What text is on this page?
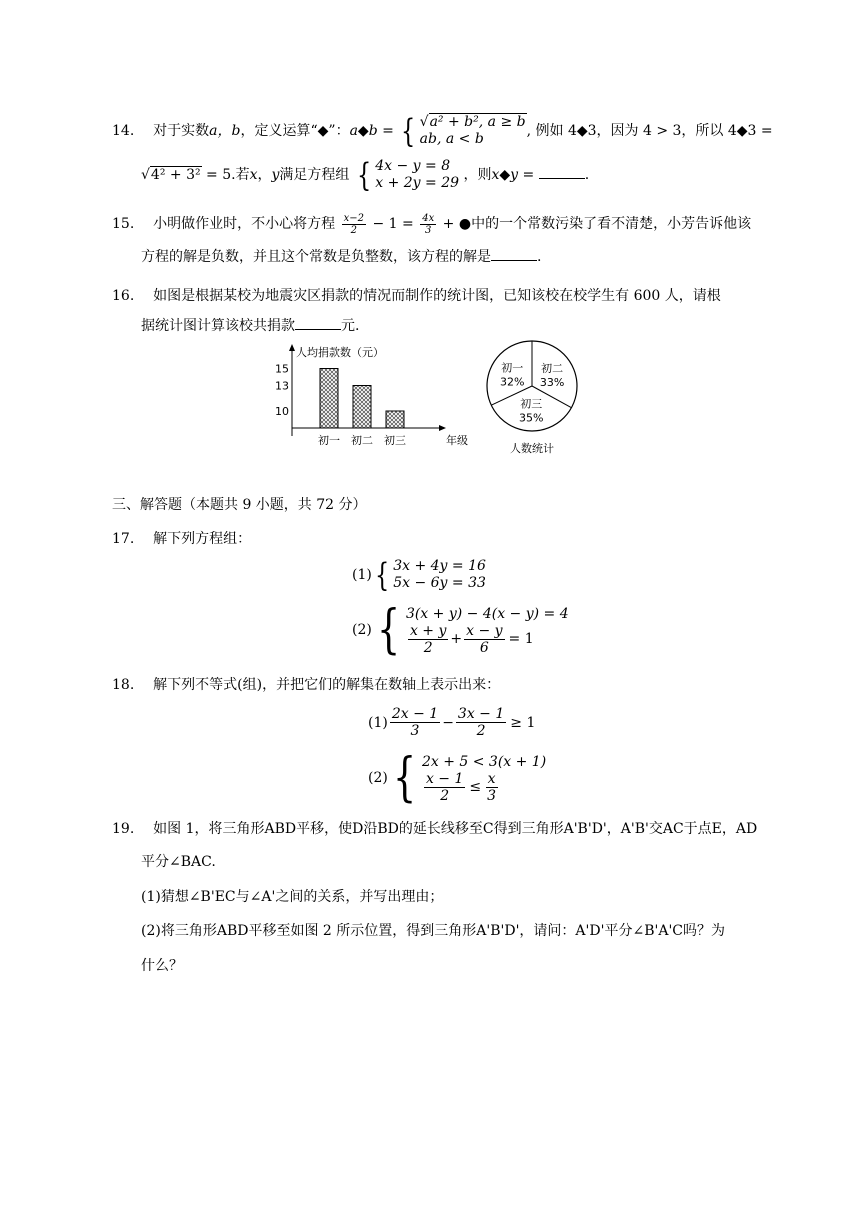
14. 对于实数a，b，定义运算“◆”：a◆b = { √a² + b², a ≥ b
ab, a < b	, 例如 4◆3，因为 4 > 3，所以 4◆3 =
√4² + 3² = 5.若x，y满足方程组 { 4x − y = 8
x + 2y = 29 ，则x◆y =	.
15. 小明做作业时，不小心将方程 $\frac{x-2}{2} - 1 = \frac{4x}{3}$ + ●中的一个常数污染了看不清楚，小芳告诉他该
方程的解是负数，并且这个常数是负整数，该方程的解是	.
16. 如图是根据某校为地震灾区捐款的情况而制作的统计图，已知该校在校学生有 600 人，请根
据统计图计算该校共捐款	元.
人均捐款数（元）
年级
15
13
10
初一 初二 初三
初一
32%
初二
33%
初三
35%
人数统计
三、解答题（本题共 9 小题，共 72 分）
17. 解下列方程组：
(1) { 3x + 4y = 16
5x − 6y = 33
(2) { 3(x + y) − 4(x − y) = 4
$\frac{x + y}{2} + \frac{x - y}{6} = 1$
18. 解下列不等式(组)，并把它们的解集在数轴上表示出来：
$(1) \frac{2x - 1}{3} - \frac{3x - 1}{2} \ge 1$
(2) { 2x + 5 < 3(x + 1)
$\frac{x - 1}{2} \le \frac{x}{3}$
19. 如图 1，将三角形ABD平移，使D沿BD的延长线移至C得到三角形A'B'D'，A'B'交AC于点E，AD
平分∠BAC.
(1)猜想∠B'EC与∠A'之间的关系，并写出理由；
(2)将三角形ABD平移至如图 2 所示位置，得到三角形A'B'D'，请问：A'D'平分∠B'A'C吗？为
什么？
